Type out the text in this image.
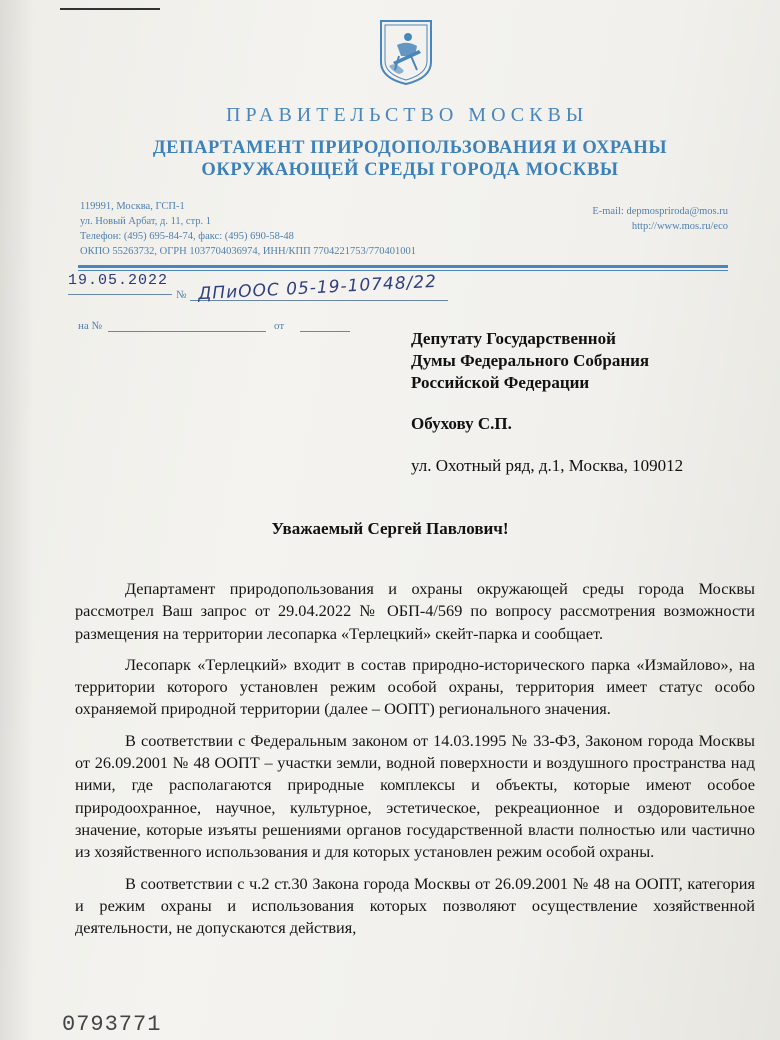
ПРАВИТЕЛЬСТВО МОСКВЫ
ДЕПАРТАМЕНТ ПРИРОДОПОЛЬЗОВАНИЯ И ОХРАНЫ
ОКРУЖАЮЩЕЙ СРЕДЫ ГОРОДА МОСКВЫ
119991, Москва, ГСП-1
ул. Новый Арбат, д. 11, стр. 1
Телефон: (495) 695-84-74, факс: (495) 690-58-48
ОКПО 55263732, ОГРН 1037704036974, ИНН/КПП 7704221753/770401001
E-mail: depmospriroda@mos.ru
http://www.mos.ru/eco
19.05.2022
№ ДПиООС 05-19-10748/22
на №	от
Депутату Государственной
Думы Федерального Собрания
Российской Федерации
Обухову С.П.
ул. Охотный ряд, д.1, Москва, 109012
Уважаемый Сергей Павлович!

Департамент природопользования и охраны окружающей среды города Москвы рассмотрел Ваш запрос от 29.04.2022 № ОБП-4/569 по вопросу рассмотрения возможности размещения на территории лесопарка «Терлецкий» скейт-парка и сообщает.

Лесопарк «Терлецкий» входит в состав природно-исторического парка «Измайлово», на территории которого установлен режим особой охраны, территория имеет статус особо охраняемой природной территории (далее – ООПТ) регионального значения.

В соответствии с Федеральным законом от 14.03.1995 № 33-ФЗ, Законом города Москвы от 26.09.2001 № 48 ООПТ – участки земли, водной поверхности и воздушного пространства над ними, где располагаются природные комплексы и объекты, которые имеют особое природоохранное, научное, культурное, эстетическое, рекреационное и оздоровительное значение, которые изъяты решениями органов государственной власти полностью или частично из хозяйственного использования и для которых установлен режим особой охраны.

В соответствии с ч.2 ст.30 Закона города Москвы от 26.09.2001 № 48 на ООПТ, категория и режим охраны и использования которых позволяют осуществление хозяйственной деятельности, не допускаются действия,

0793771
